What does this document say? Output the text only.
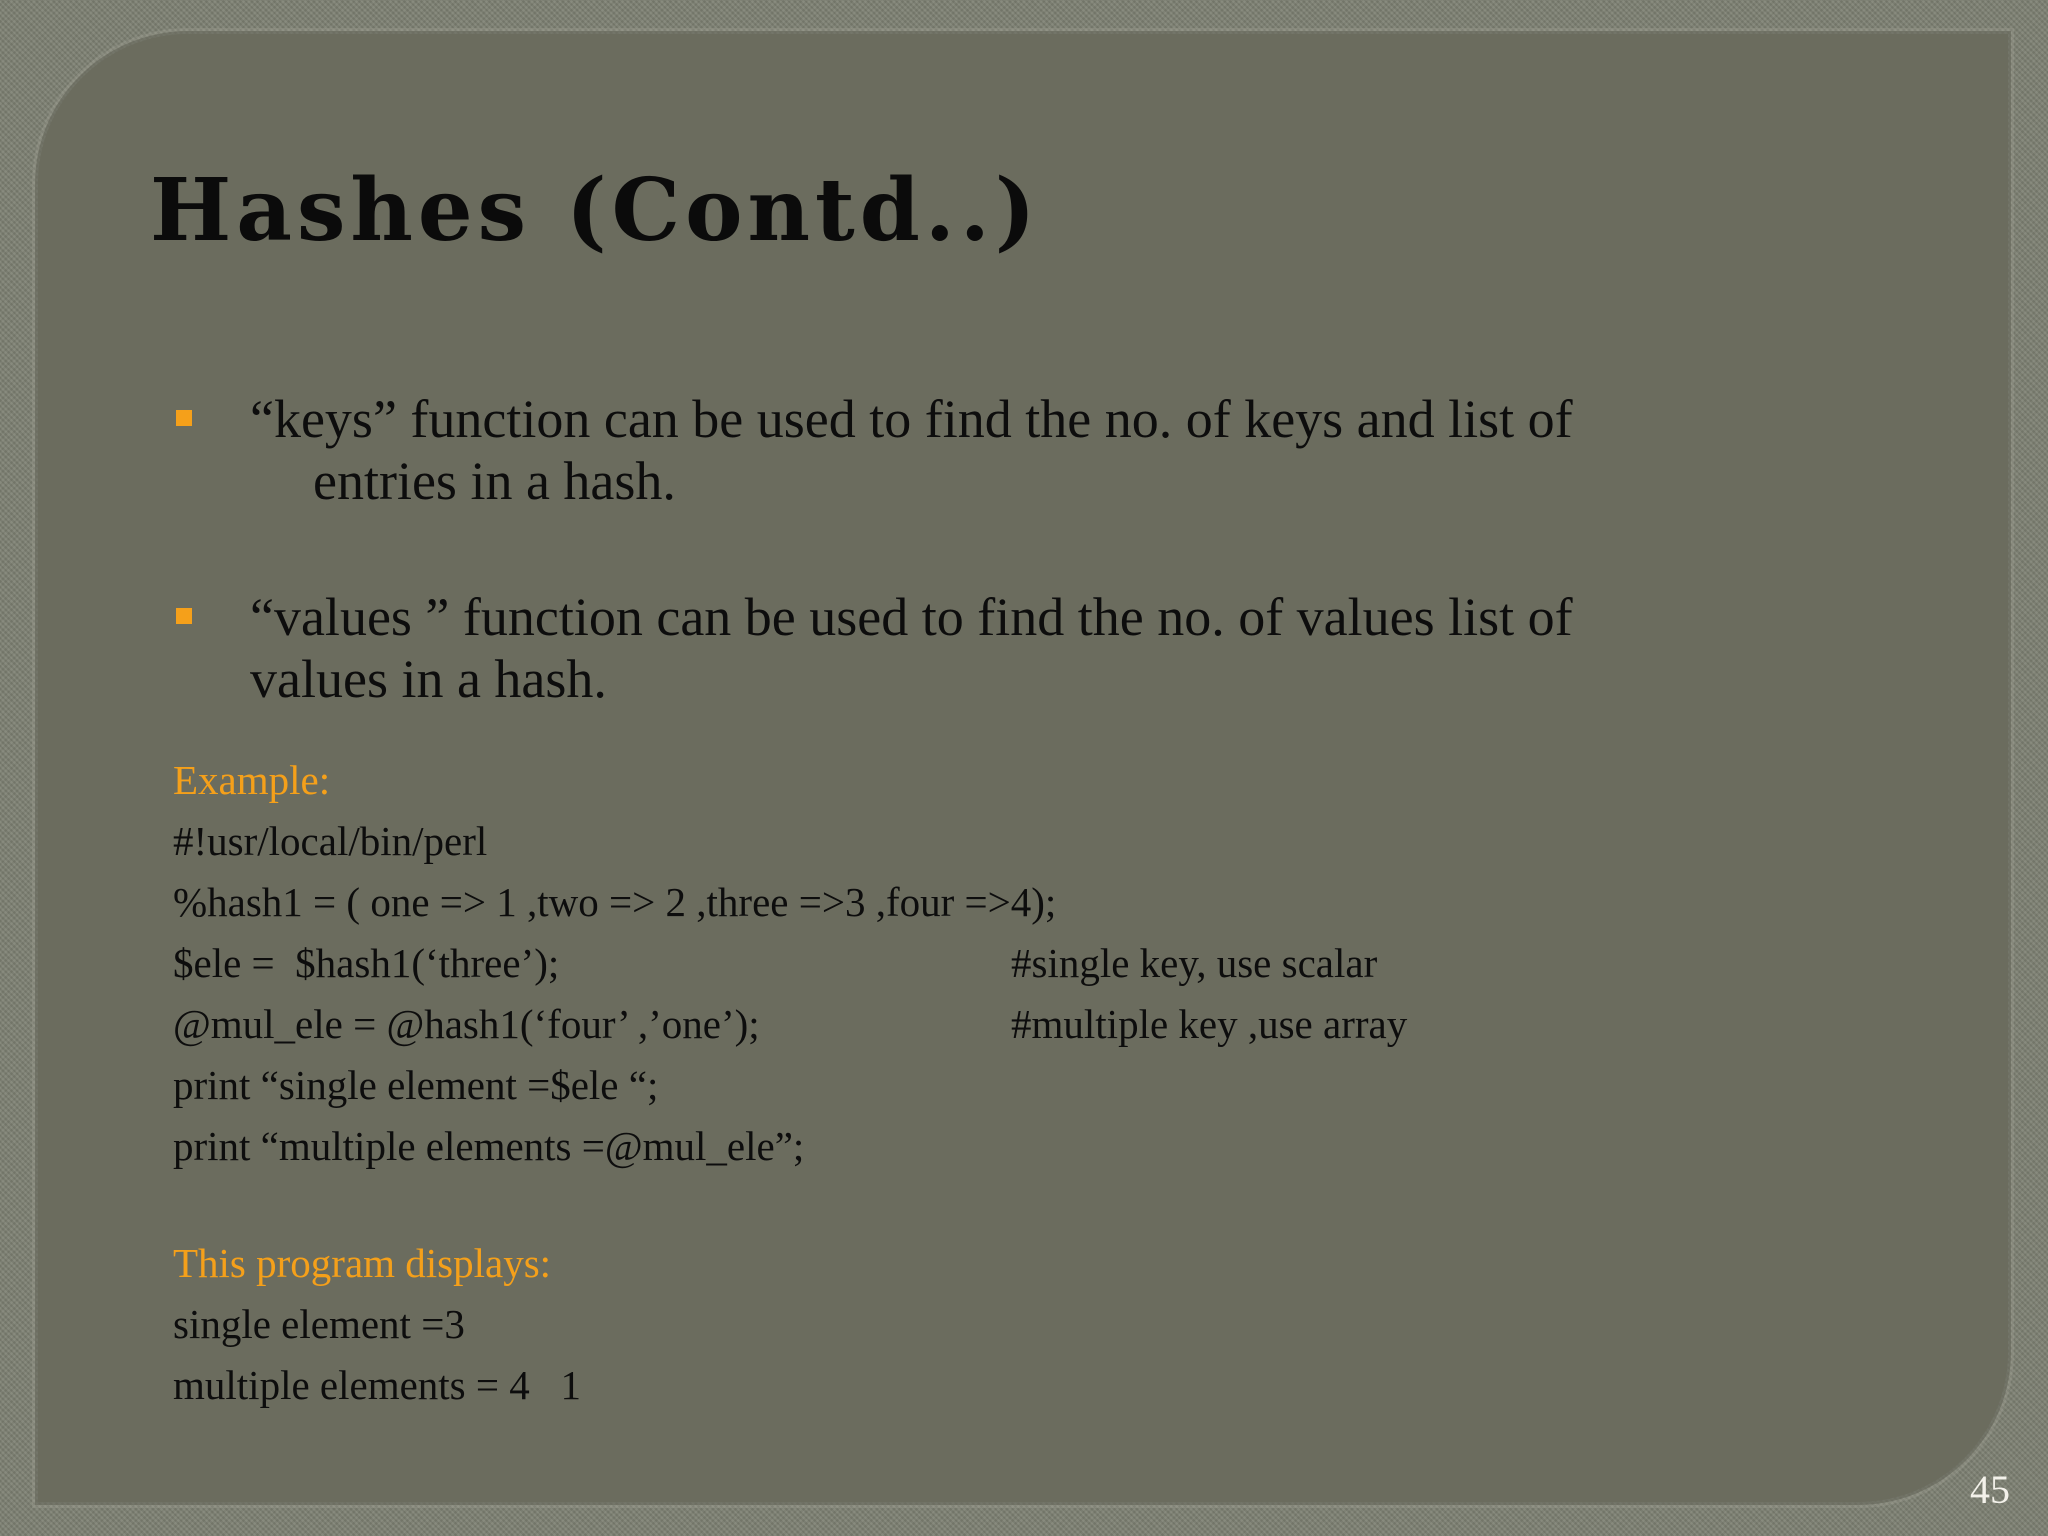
Hashes (Contd..)

“keys” function can be used to find the no. of keys and list of
entries in a hash.

“values ” function can be used to find the no. of values list of
values in a hash.

Example:
#!usr/local/bin/perl
%hash1 = ( one => 1 ,two => 2 ,three =>3 ,four =>4);
$ele =  $hash1(‘three’);	#single key, use scalar
@mul_ele = @hash1(‘four’ ,’one’);	#multiple key ,use array
print “single element =$ele “;
print “multiple elements =@mul_ele”;
This program displays:
single element =3
multiple elements = 4   1
45
